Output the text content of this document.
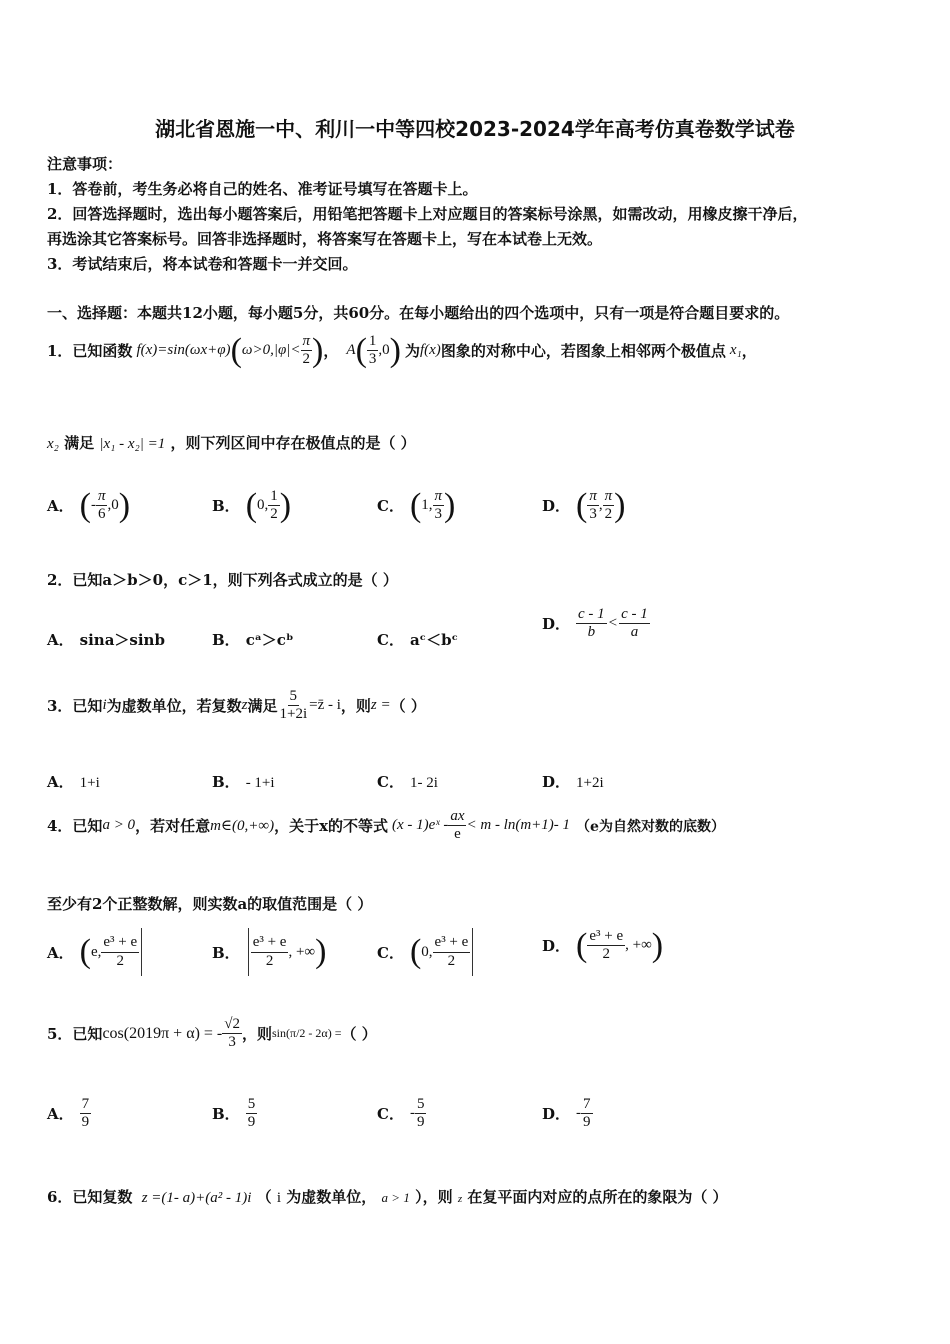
湖北省恩施一中、利川一中等四校2023-2024学年高考仿真卷数学试卷
注意事项：
1．答卷前，考生务必将自己的姓名、准考证号填写在答题卡上。
2．回答选择题时，选出每小题答案后，用铅笔把答题卡上对应题目的答案标号涂黑，如需改动，用橡皮擦干净后，
再选涂其它答案标号。回答非选择题时，将答案写在答题卡上，写在本试卷上无效。
3．考试结束后，将本试卷和答题卡一并交回。
一、选择题：本题共12小题，每小题5分，共60分。在每小题给出的四个选项中，只有一项是符合题目要求的。
1．已知函数 f(x)=sin(ωx+φ) ( $\omega>0,|\varphi|< \frac{\pi}{2}$ ) ， A ( $\frac{1}{3} ,0$ ) 为 f(x) 图象的对称中心，若图象上相邻两个极值点 x₁ ，
x₂ 满足 |x₁ - x₂| =1 ，则下列区间中存在极值点的是（ ）
A． ( - $\frac{\pi}{6} ,0$ )	B． ( 0, $\frac{1}{2}$ )	C． ( 1, $\frac{\pi}{3}$ )	D． ( $\frac{\pi}{3}$ , $\frac{\pi}{2}$ )
2．已知a＞b＞0，c＞1，则下列各式成立的是（ ）
A． sina＞sinb	B． cᵃ＞cᵇ	C． aᶜ＜bᶜ
D． $\frac{c - 1}{b} < \frac{c - 1}{a}$
3．已知 i 为虚数单位，若复数 z 满足 $\frac{5}{1+2i}$ =z̄ - i ，则 z = （ ）
A． 1+i	B． - 1+i	C． 1- 2i	D． 1+2i
4．已知 a > 0 ，若对任意 m∈(0,+∞) ，关于x的不等式 (x - 1)eˣ - $\frac{ax}{e} < m - \ln(m+1)-$ 1 （e为自然对数的底数）
至少有2个正整数解，则实数a的取值范围是（ ）
A． ( e, $\frac{\text{e³ + e}}{2}$	B． $\frac{\text{e³ + e}}{2}$ , +∞ )	C． ( 0, $\frac{\text{e³ + e}}{2}$	D． ( $\frac{\text{e³ + e}}{2}$ , +∞ )
5．已知 cos(2019π + α) = - $\frac{√2}{3}$ ，则 sin(π/2 - 2α) = （ ）
A． $\frac{7}{9}$	B． $\frac{5}{9}$	C． - $\frac{5}{9}$	D． - $\frac{7}{9}$
6．已知复数 z =(1- a)+(a² - 1)i （ i 为虚数单位， a > 1 ），则 z 在复平面内对应的点所在的象限为（ ）
